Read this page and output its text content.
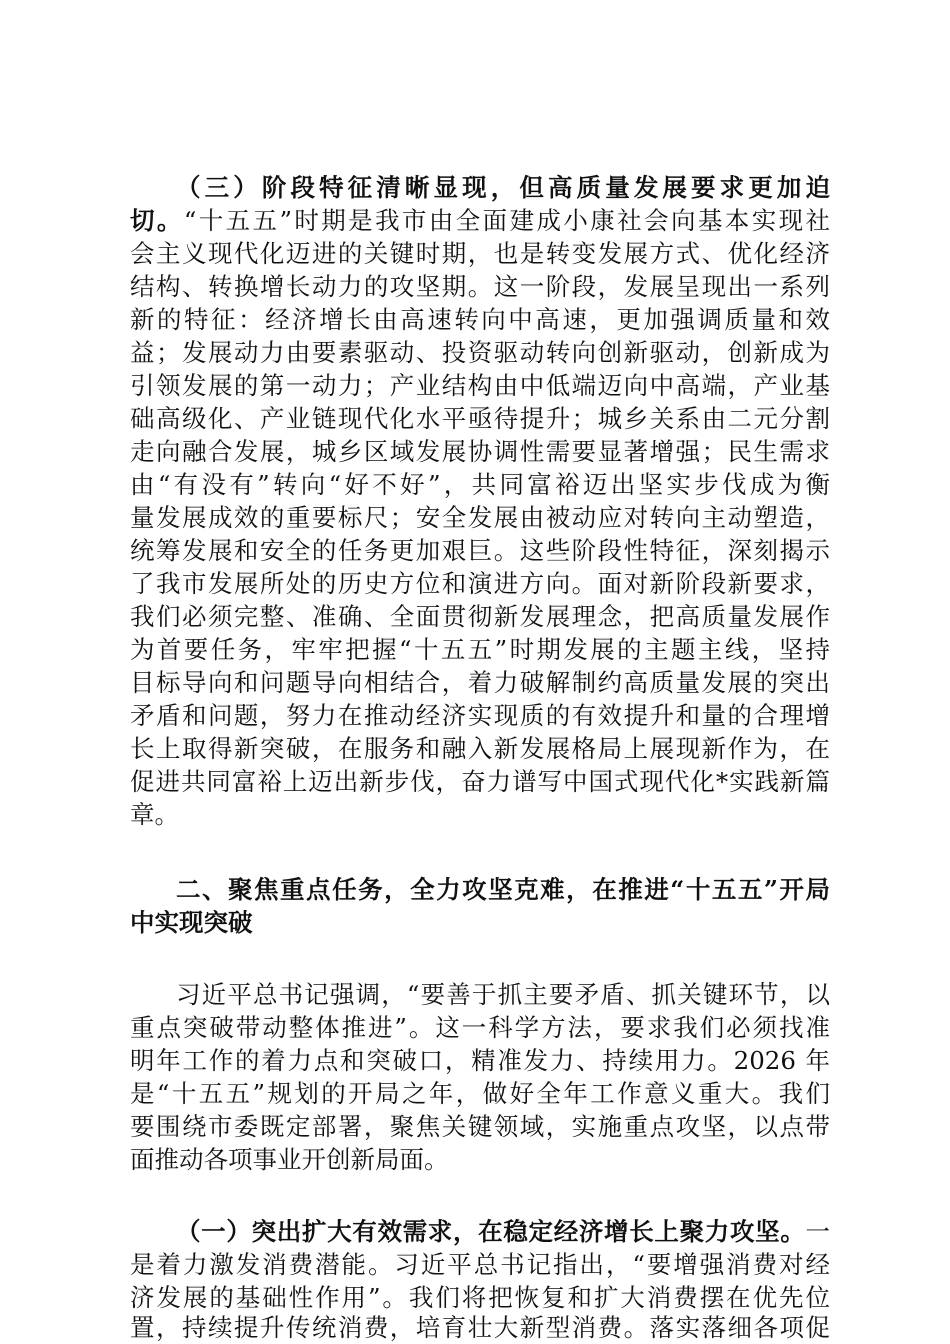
（三）阶段特征清晰显现，但高质量发展要求更加迫
切。“十五五”时期是我市由全面建成小康社会向基本实现社
会主义现代化迈进的关键时期，也是转变发展方式、优化经济
结构、转换增长动力的攻坚期。这一阶段，发展呈现出一系列
新的特征：经济增长由高速转向中高速，更加强调质量和效
益；发展动力由要素驱动、投资驱动转向创新驱动，创新成为
引领发展的第一动力；产业结构由中低端迈向中高端，产业基
础高级化、产业链现代化水平亟待提升；城乡关系由二元分割
走向融合发展，城乡区域发展协调性需要显著增强；民生需求
由“有没有”转向“好不好”，共同富裕迈出坚实步伐成为衡
量发展成效的重要标尺；安全发展由被动应对转向主动塑造，
统筹发展和安全的任务更加艰巨。这些阶段性特征，深刻揭示
了我市发展所处的历史方位和演进方向。面对新阶段新要求，
我们必须完整、准确、全面贯彻新发展理念，把高质量发展作
为首要任务，牢牢把握“十五五”时期发展的主题主线，坚持
目标导向和问题导向相结合，着力破解制约高质量发展的突出
矛盾和问题，努力在推动经济实现质的有效提升和量的合理增
长上取得新突破，在服务和融入新发展格局上展现新作为，在
促进共同富裕上迈出新步伐，奋力谱写中国式现代化*实践新篇
章。
二、聚焦重点任务，全力攻坚克难，在推进“十五五”开局
中实现突破
习近平总书记强调，“要善于抓主要矛盾、抓关键环节，以
重点突破带动整体推进”。这一科学方法，要求我们必须找准
明年工作的着力点和突破口，精准发力、持续用力。2026 年
是“十五五”规划的开局之年，做好全年工作意义重大。我们
要围绕市委既定部署，聚焦关键领域，实施重点攻坚，以点带
面推动各项事业开创新局面。
（一）突出扩大有效需求，在稳定经济增长上聚力攻坚。一
是着力激发消费潜能。习近平总书记指出，“要增强消费对经
济发展的基础性作用”。我们将把恢复和扩大消费摆在优先位
置，持续提升传统消费，培育壮大新型消费。落实落细各项促
